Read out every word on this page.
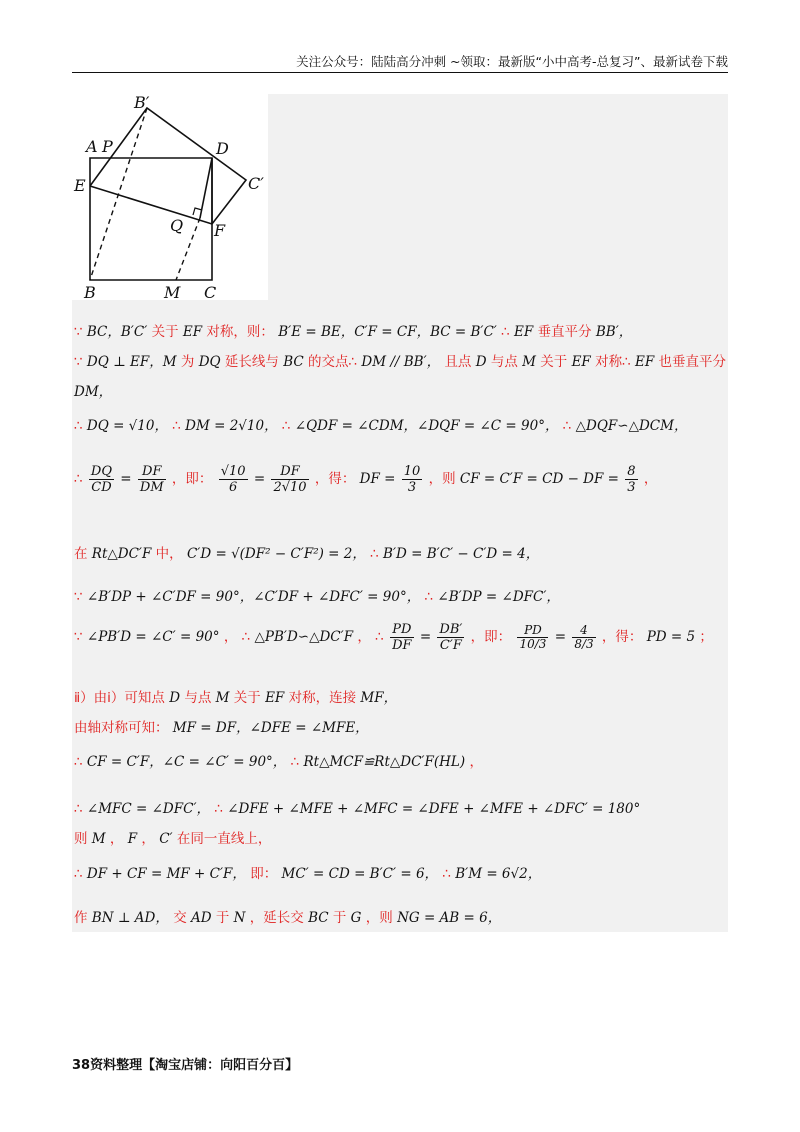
关注公众号：陆陆高分冲刺 ~领取：最新版“小中高考-总复习”、最新试卷下载
B′
A P	D
E	C′
Q F
B	M C
∵ BC，B′C′ 关于 EF 对称，则： B′E = BE，C′F = CF，BC = B′C′ ∴ EF 垂直平分 BB′，
∵ DQ ⊥ EF，M 为 DQ 延长线与 BC 的交点∴ DM // BB′， 且点 D 与点 M 关于 EF 对称∴ EF 也垂直平分
DM，
∴ DQ = √10， ∴ DM = 2√10， ∴ ∠QDF = ∠CDM，∠DQF = ∠C = 90°， ∴ △DQF∽△DCM，
∴ $\frac{DQ}{CD} = \frac{DF}{DM}$ ，即： $\frac{√10}{6} = \frac{DF}{2√10}$ ，得： DF = $\frac{10}{3}$ ，则 CF = C′F = CD − DF = $\frac{8}{3}$ ，
在 Rt△DC′F 中， C′D = √(DF² − C′F²) = 2， ∴ B′D = B′C′ − C′D = 4，
∵ ∠B′DP + ∠C′DF = 90°，∠C′DF + ∠DFC′ = 90°， ∴ ∠B′DP = ∠DFC′，
∵ ∠PB′D = ∠C′ = 90° ， ∴ △PB′D∽△DC′F ， ∴ $\frac{PD}{DF} = \frac{DB'}{C'F}$ ，即： $\frac{PD}{10/3} = \frac{4}{8/3}$ ，得： PD = 5 ；
ⅱ）由ⅰ）可知点 D 与点 M 关于 EF 对称，连接 MF，
由轴对称可知： MF = DF，∠DFE = ∠MFE，
∴ CF = C′F，∠C = ∠C′ = 90°， ∴ Rt△MCF≌Rt△DC′F(HL) ，
∴ ∠MFC = ∠DFC′， ∴ ∠DFE + ∠MFE + ∠MFC = ∠DFE + ∠MFE + ∠DFC′ = 180°
则 M ， F ， C′ 在同一直线上，
∴ DF + CF = MF + C′F， 即： MC′ = CD = B′C′ = 6， ∴ B′M = 6√2，
作 BN ⊥ AD， 交 AD 于 N ，延长交 BC 于 G ，则 NG = AB = 6，
38资料整理【淘宝店铺：向阳百分百】
